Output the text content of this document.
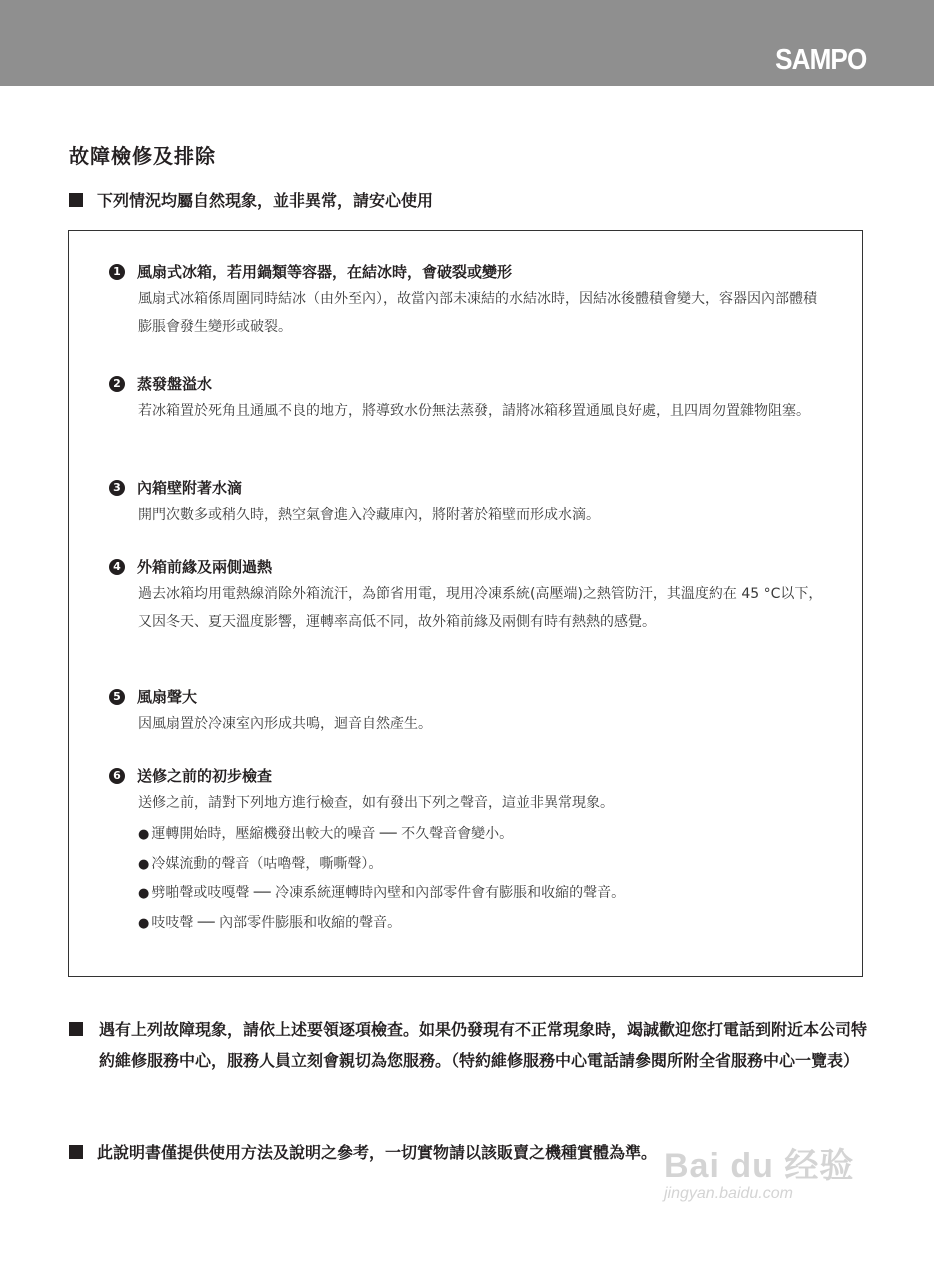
SAMPO
故障檢修及排除
下列情況均屬自然現象，並非異常，請安心使用
1 風扇式冰箱，若用鍋類等容器，在結冰時，會破裂或變形
風扇式冰箱係周圍同時結冰（由外至內），故當內部未凍結的水結冰時，因結冰後體積會變大，容器因內部體積膨脹會發生變形或破裂。
2 蒸發盤溢水
若冰箱置於死角且通風不良的地方，將導致水份無法蒸發，請將冰箱移置通風良好處，且四周勿置雜物阻塞。
3 內箱壁附著水滴
開門次數多或稍久時，熱空氣會進入冷藏庫內，將附著於箱壁而形成水滴。
4 外箱前緣及兩側過熱
過去冰箱均用電熱線消除外箱流汗，為節省用電，現用冷凍系統(高壓端)之熱管防汗，其溫度約在 45 °C以下，又因冬天、夏天溫度影響，運轉率高低不同，故外箱前緣及兩側有時有熱熱的感覺。
5 風扇聲大
因風扇置於冷凍室內形成共鳴，迴音自然產生。
6 送修之前的初步檢查
送修之前，請對下列地方進行檢查，如有發出下列之聲音，這並非異常現象。
● 運轉開始時，壓縮機發出較大的噪音 ── 不久聲音會變小。
● 冷媒流動的聲音（咕嚕聲，嘶嘶聲）。
● 劈啪聲或吱嘎聲 ── 冷凍系統運轉時內壁和內部零件會有膨脹和收縮的聲音。
● 吱吱聲 ── 內部零件膨脹和收縮的聲音。
遇有上列故障現象，請依上述要領逐項檢查。如果仍發現有不正常現象時，竭誠歡迎您打電話到附近本公司特約維修服務中心，服務人員立刻會親切為您服務。（特約維修服務中心電話請參閱所附全省服務中心一覽表）
此說明書僅提供使用方法及說明之參考，一切實物請以該販賣之機種實體為準。 Bai du 经验
jingyan.baidu.com
